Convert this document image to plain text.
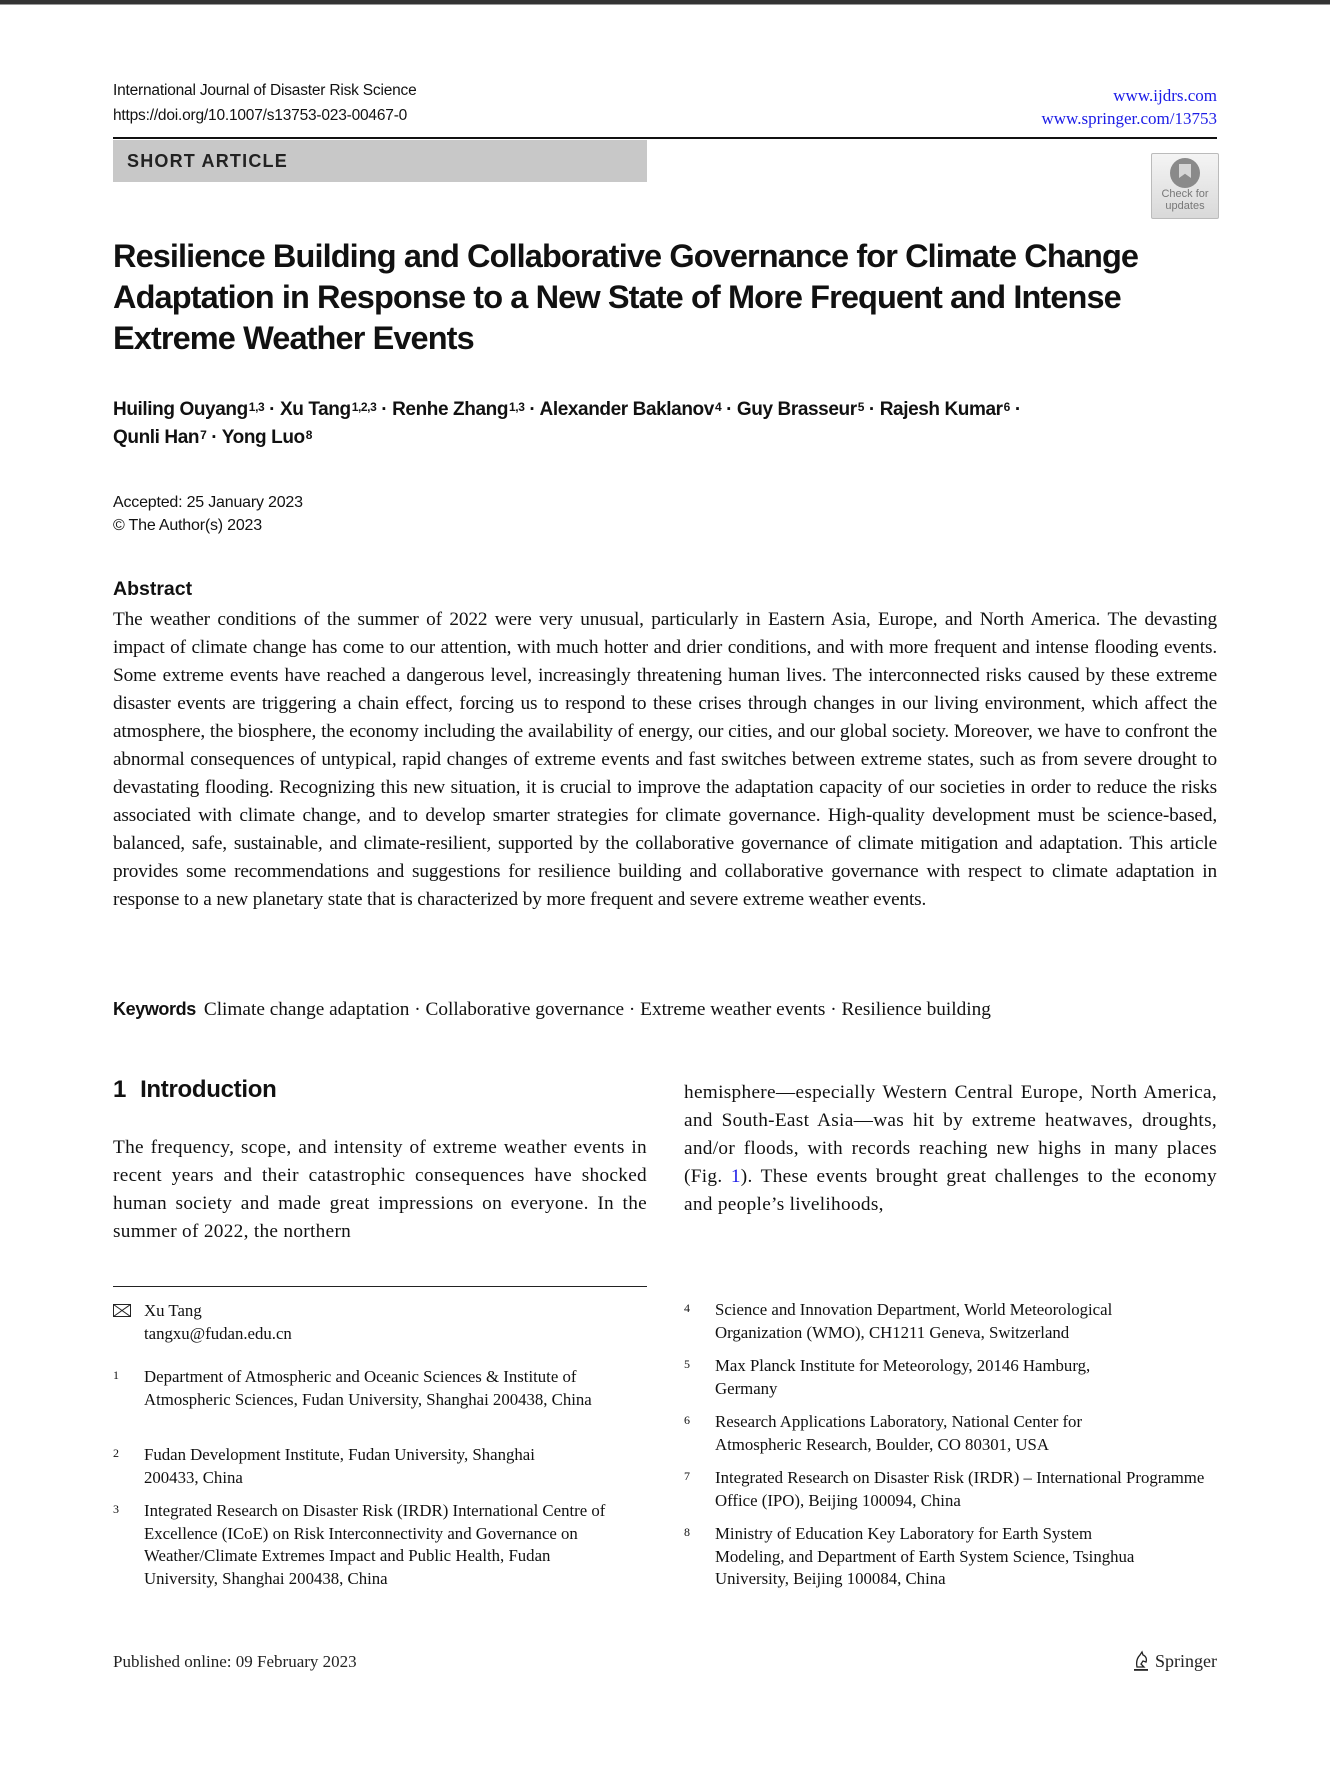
International Journal of Disaster Risk Science
https://doi.org/10.1007/s13753-023-00467-0
www.ijdrs.com
www.springer.com/13753
SHORT ARTICLE
Check for
updates
Resilience Building and Collaborative Governance for Climate Change Adaptation in Response to a New State of More Frequent and Intense Extreme Weather Events
Huiling Ouyang$^{1,3}$ · Xu Tang$^{1,2,3}$ · Renhe Zhang$^{1,3}$ · Alexander Baklanov$^4$ · Guy Brasseur$^5$ · Rajesh Kumar$^6$ ·
Qunli Han$^7$ · Yong Luo$^8$
Accepted: 25 January 2023
© The Author(s) 2023
Abstract
The weather conditions of the summer of 2022 were very unusual, particularly in Eastern Asia, Europe, and North America. The devasting impact of climate change has come to our attention, with much hotter and drier conditions, and with more frequent and intense flooding events. Some extreme events have reached a dangerous level, increasingly threatening human lives. The interconnected risks caused by these extreme disaster events are triggering a chain effect, forcing us to respond to these crises through changes in our living environment, which affect the atmosphere, the biosphere, the economy including the availability of energy, our cities, and our global society. Moreover, we have to confront the abnormal consequences of untypical, rapid changes of extreme events and fast switches between extreme states, such as from severe drought to devastating flooding. Recognizing this new situation, it is crucial to improve the adaptation capacity of our societies in order to reduce the risks associated with climate change, and to develop smarter strategies for climate governance. High-quality development must be science-based, balanced, safe, sustainable, and climate-resilient, supported by the collaborative governance of climate mitigation and adaptation. This article provides some recommendations and suggestions for resilience building and collaborative governance with respect to climate adaptation in response to a new planetary state that is characterized by more frequent and severe extreme weather events.
Keywords Climate change adaptation · Collaborative governance · Extreme weather events · Resilience building
1 Introduction
The frequency, scope, and intensity of extreme weather events in recent years and their catastrophic consequences have shocked human society and made great impressions on everyone. In the summer of 2022, the northern
hemisphere—especially Western Central Europe, North America, and South-East Asia—was hit by extreme heatwaves, droughts, and/or floods, with records reaching new highs in many places (Fig. 1). These events brought great challenges to the economy and people’s livelihoods,
Xu Tang
tangxu@fudan.edu.cn
1 Department of Atmospheric and Oceanic Sciences & Institute of Atmospheric Sciences, Fudan University, Shanghai 200438, China
2 Fudan Development Institute, Fudan University, Shanghai 200433, China
3 Integrated Research on Disaster Risk (IRDR) International Centre of Excellence (ICoE) on Risk Interconnectivity and Governance on Weather/Climate Extremes Impact and Public Health, Fudan University, Shanghai 200438, China
4 Science and Innovation Department, World Meteorological Organization (WMO), CH1211 Geneva, Switzerland
5 Max Planck Institute for Meteorology, 20146 Hamburg, Germany
6 Research Applications Laboratory, National Center for Atmospheric Research, Boulder, CO 80301, USA
7 Integrated Research on Disaster Risk (IRDR) – International Programme Office (IPO), Beijing 100094, China
8 Ministry of Education Key Laboratory for Earth System Modeling, and Department of Earth System Science, Tsinghua University, Beijing 100084, China
Published online: 09 February 2023	Springer
